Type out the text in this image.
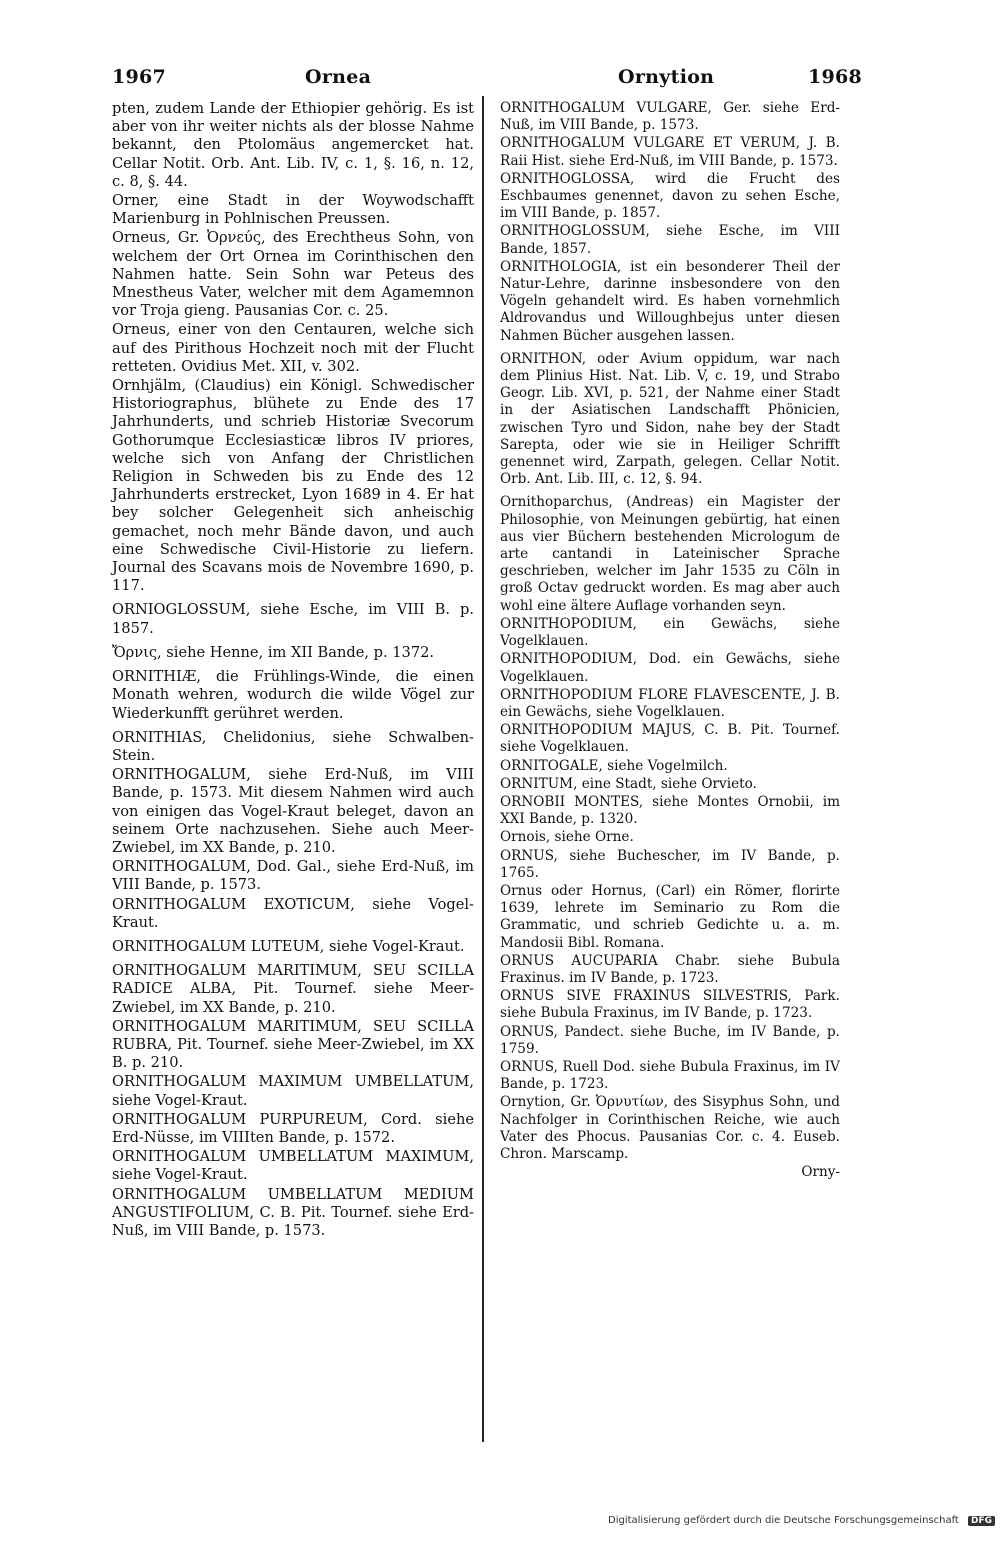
1967	Ornea	Ornytion	1968

pten, zudem Lande der Ethiopier gehörig. Es ist aber von ihr weiter nichts als der blosse Nahme bekannt, den Ptolomäus angemercket hat. Cellar Notit. Orb. Ant. Lib. IV, c. 1, §. 16, n. 12, c. 8, §. 44.

Orner, eine Stadt in der Woywodschafft Marienburg in Pohlnischen Preussen.

Orneus, Gr. Ὀρνεύς, des Erechtheus Sohn, von welchem der Ort Ornea im Corinthischen den Nahmen hatte. Sein Sohn war Peteus des Mnestheus Vater, welcher mit dem Agamemnon vor Troja gieng. Pausanias Cor. c. 25.

Orneus, einer von den Centauren, welche sich auf des Pirithous Hochzeit noch mit der Flucht retteten. Ovidius Met. XII, v. 302.

Ornhjälm, (Claudius) ein Königl. Schwedischer Historiographus, blühete zu Ende des 17 Jahrhunderts, und schrieb Historiæ Svecorum Gothorumque Ecclesiasticæ libros IV priores, welche sich von Anfang der Christlichen Religion in Schweden bis zu Ende des 12 Jahrhunderts erstrecket, Lyon 1689 in 4. Er hat bey solcher Gelegenheit sich anheischig gemachet, noch mehr Bände davon, und auch eine Schwedische Civil-Historie zu liefern. Journal des Scavans mois de Novembre 1690, p. 117.

ORNIOGLOSSUM, siehe Esche, im VIII B. p. 1857.

Ὄρνις, siehe Henne, im XII Bande, p. 1372.

ORNITHIÆ, die Frühlings-Winde, die einen Monath wehren, wodurch die wilde Vögel zur Wiederkunfft gerühret werden.

ORNITHIAS, Chelidonius, siehe Schwalben-Stein.

ORNITHOGALUM, siehe Erd-Nuß, im VIII Bande, p. 1573. Mit diesem Nahmen wird auch von einigen das Vogel-Kraut beleget, davon an seinem Orte nachzusehen. Siehe auch Meer-Zwiebel, im XX Bande, p. 210.

ORNITHOGALUM, Dod. Gal., siehe Erd-Nuß, im VIII Bande, p. 1573.

ORNITHOGALUM EXOTICUM, siehe Vogel-Kraut.

ORNITHOGALUM LUTEUM, siehe Vogel-Kraut.

ORNITHOGALUM MARITIMUM, SEU SCILLA RADICE ALBA, Pit. Tournef. siehe Meer-Zwiebel, im XX Bande, p. 210.

ORNITHOGALUM MARITIMUM, SEU SCILLA RUBRA, Pit. Tournef. siehe Meer-Zwiebel, im XX B. p. 210.

ORNITHOGALUM MAXIMUM UMBELLATUM, siehe Vogel-Kraut.

ORNITHOGALUM PURPUREUM, Cord. siehe Erd-Nüsse, im VIIIten Bande, p. 1572.

ORNITHOGALUM UMBELLATUM MAXIMUM, siehe Vogel-Kraut.

ORNITHOGALUM UMBELLATUM MEDIUM ANGUSTIFOLIUM, C. B. Pit. Tournef. siehe Erd-Nuß, im VIII Bande, p. 1573.

ORNITHOGALUM VULGARE, Ger. siehe Erd-Nuß, im VIII Bande, p. 1573.

ORNITHOGALUM VULGARE ET VERUM, J. B. Raii Hist. siehe Erd-Nuß, im VIII Bande, p. 1573.

ORNITHOGLOSSA, wird die Frucht des Eschbaumes genennet, davon zu sehen Esche, im VIII Bande, p. 1857.

ORNITHOGLOSSUM, siehe Esche, im VIII Bande, 1857.

ORNITHOLOGIA, ist ein besonderer Theil der Natur-Lehre, darinne insbesondere von den Vögeln gehandelt wird. Es haben vornehmlich Aldrovandus und Willoughbejus unter diesen Nahmen Bücher ausgehen lassen.

ORNITHON, oder Avium oppidum, war nach dem Plinius Hist. Nat. Lib. V, c. 19, und Strabo Geogr. Lib. XVI, p. 521, der Nahme einer Stadt in der Asiatischen Landschafft Phönicien, zwischen Tyro und Sidon, nahe bey der Stadt Sarepta, oder wie sie in Heiliger Schrifft genennet wird, Zarpath, gelegen. Cellar Notit. Orb. Ant. Lib. III, c. 12, §. 94.

Ornithoparchus, (Andreas) ein Magister der Philosophie, von Meinungen gebürtig, hat einen aus vier Büchern bestehenden Micrologum de arte cantandi in Lateinischer Sprache geschrieben, welcher im Jahr 1535 zu Cöln in groß Octav gedruckt worden. Es mag aber auch wohl eine ältere Auflage vorhanden seyn.

ORNITHOPODIUM, ein Gewächs, siehe Vogelklauen.

ORNITHOPODIUM, Dod. ein Gewächs, siehe Vogelklauen.

ORNITHOPODIUM FLORE FLAVESCENTE, J. B. ein Gewächs, siehe Vogelklauen.

ORNITHOPODIUM MAJUS, C. B. Pit. Tournef. siehe Vogelklauen.

ORNITOGALE, siehe Vogelmilch.

ORNITUM, eine Stadt, siehe Orvieto.

ORNOBII MONTES, siehe Montes Ornobii, im XXI Bande, p. 1320.

Ornois, siehe Orne.

ORNUS, siehe Buchescher, im IV Bande, p. 1765.

Ornus oder Hornus, (Carl) ein Römer, florirte 1639, lehrete im Seminario zu Rom die Grammatic, und schrieb Gedichte u. a. m. Mandosii Bibl. Romana.

ORNUS AUCUPARIA Chabr. siehe Bubula Fraxinus. im IV Bande, p. 1723.

ORNUS SIVE FRAXINUS SILVESTRIS, Park. siehe Bubula Fraxinus, im IV Bande, p. 1723.

ORNUS, Pandect. siehe Buche, im IV Bande, p. 1759.

ORNUS, Ruell Dod. siehe Bubula Fraxinus, im IV Bande, p. 1723.

Ornytion, Gr. Ὀρνυτίων, des Sisyphus Sohn, und Nachfolger in Corinthischen Reiche, wie auch Vater des Phocus. Pausanias Cor. c. 4. Euseb. Chron. Marscamp.

Orny-

Digitalisierung gefördert durch die Deutsche Forschungsgemeinschaft DFG
